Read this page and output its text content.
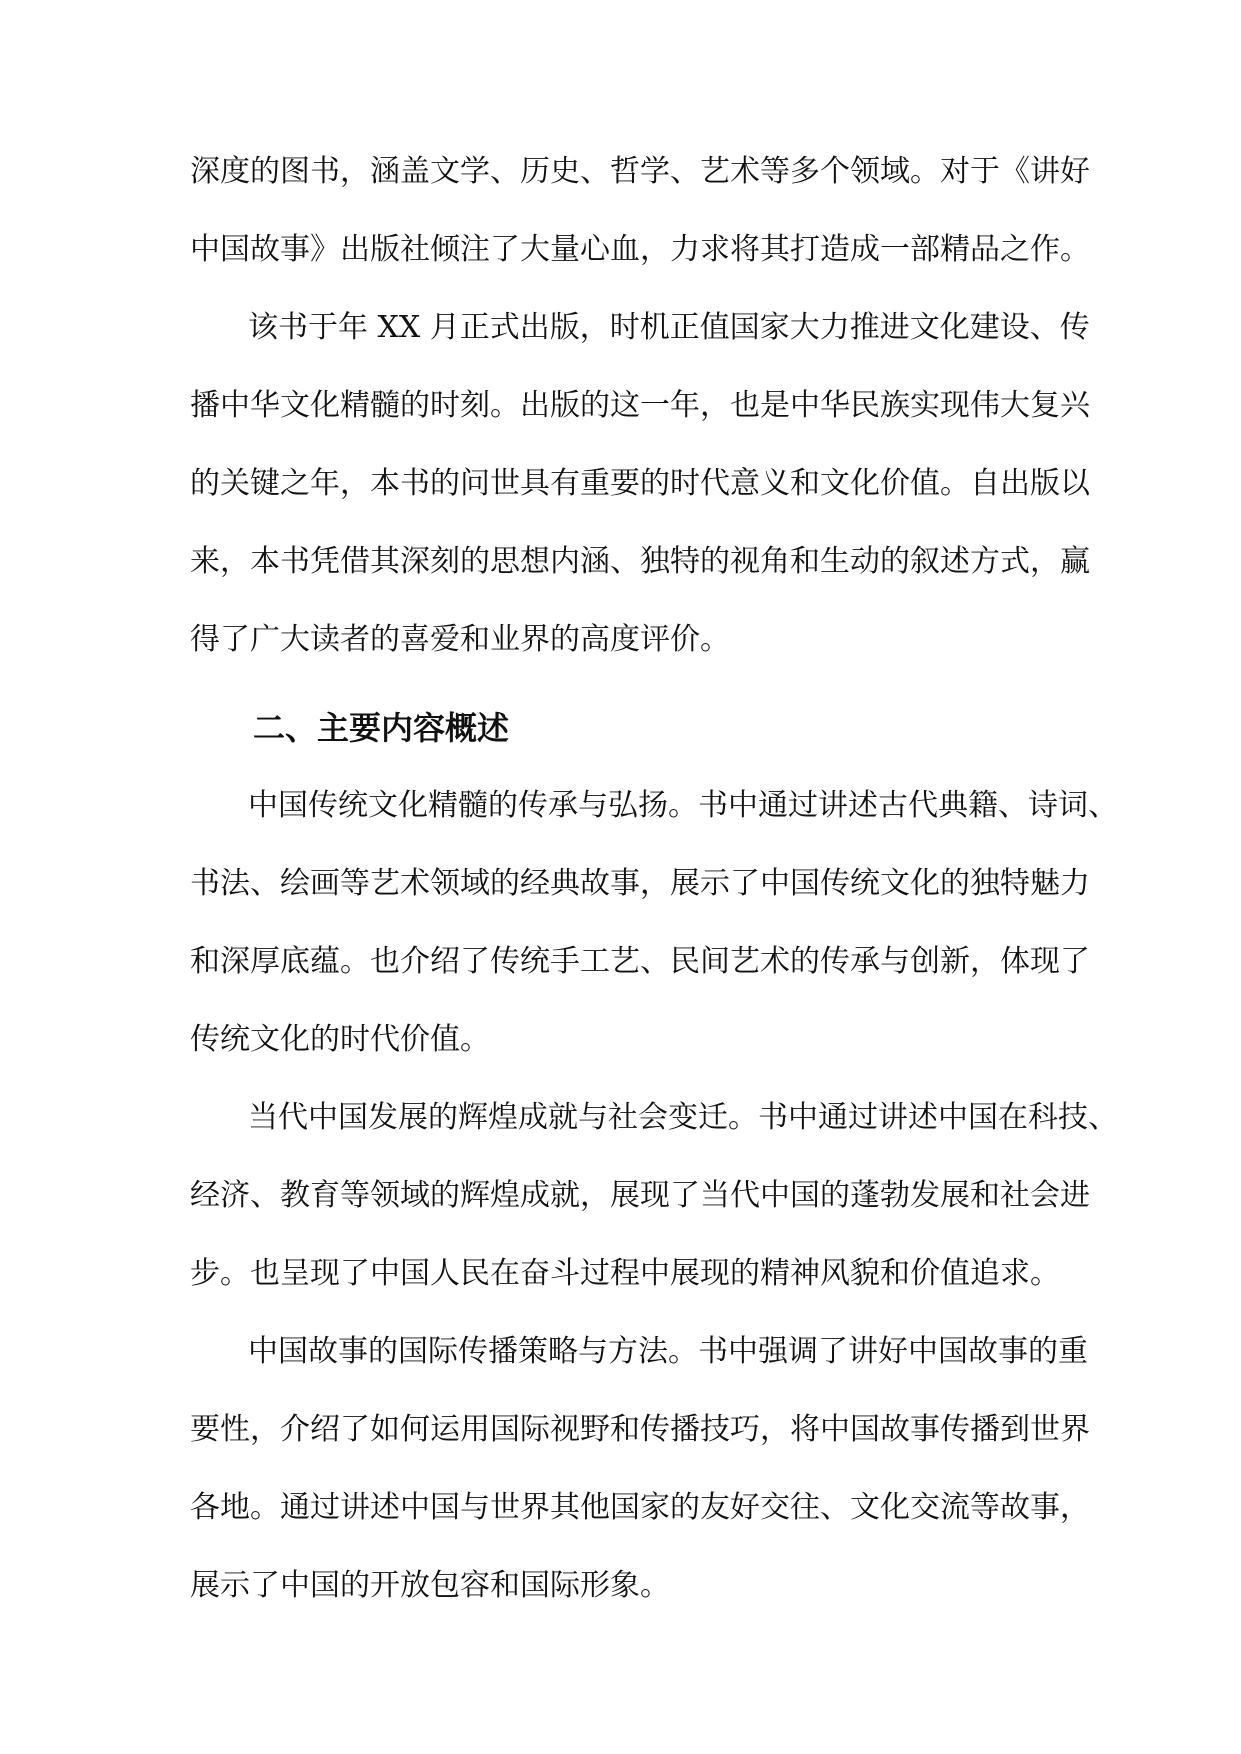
深度的图书，涵盖文学、历史、哲学、艺术等多个领域。对于《讲好

中国故事》出版社倾注了大量心血，力求将其打造成一部精品之作。

该书于年 XX 月正式出版，时机正值国家大力推进文化建设、传

播中华文化精髓的时刻。出版的这一年，也是中华民族实现伟大复兴

的关键之年，本书的问世具有重要的时代意义和文化价值。自出版以

来，本书凭借其深刻的思想内涵、独特的视角和生动的叙述方式，赢

得了广大读者的喜爱和业界的高度评价。

二、主要内容概述

中国传统文化精髓的传承与弘扬。书中通过讲述古代典籍、诗词、

书法、绘画等艺术领域的经典故事，展示了中国传统文化的独特魅力

和深厚底蕴。也介绍了传统手工艺、民间艺术的传承与创新，体现了

传统文化的时代价值。

当代中国发展的辉煌成就与社会变迁。书中通过讲述中国在科技、

经济、教育等领域的辉煌成就，展现了当代中国的蓬勃发展和社会进

步。也呈现了中国人民在奋斗过程中展现的精神风貌和价值追求。

中国故事的国际传播策略与方法。书中强调了讲好中国故事的重

要性，介绍了如何运用国际视野和传播技巧，将中国故事传播到世界

各地。通过讲述中国与世界其他国家的友好交往、文化交流等故事，

展示了中国的开放包容和国际形象。
